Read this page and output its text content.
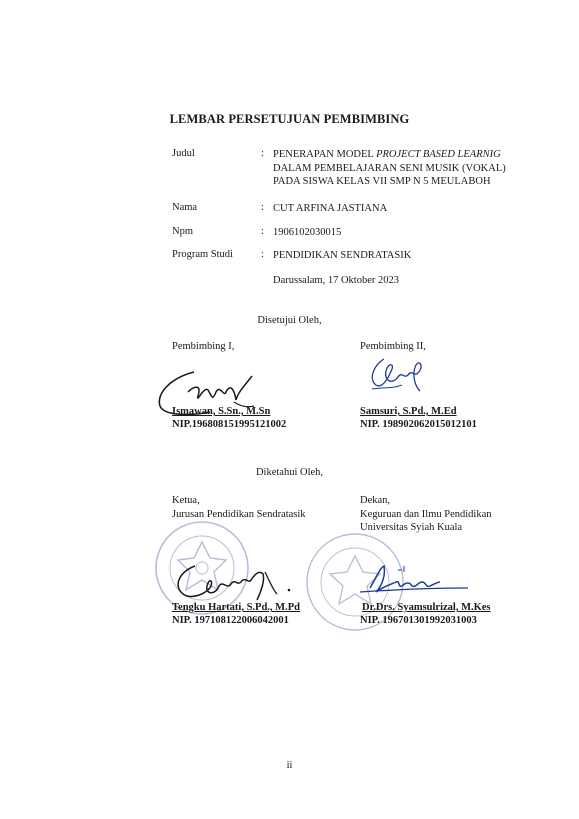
LEMBAR PERSETUJUAN PEMBIMBING
Judul	: PENERAPAN MODEL PROJECT BASED LEARNIG
DALAM PEMBELAJARAN SENI MUSIK (VOKAL)
PADA SISWA KELAS VII SMP N 5 MEULABOH
Nama	: CUT ARFINA JASTIANA
Npm	: 1906102030015
Program Studi	: PENDIDIKAN SENDRATASIK
Darussalam, 17 Oktober 2023
Disetujui Oleh,
Pembimbing I,
Ismawan, S.Sn., M.Sn
NIP.196808151995121002
Pembimbing II,
Samsuri, S.Pd., M.Ed
NIP. 198902062015012101
Diketahui Oleh,
Ketua,
Jurusan Pendidikan Sendratasik
Tengku Hartati, S.Pd., M.Pd
NIP. 197108122006042001
Dekan,
Keguruan dan Ilmu Pendidikan
Universitas Syiah Kuala
Dr.Drs. Syamsulrizal, M.Kes
NIP. 196701301992031003
ii
